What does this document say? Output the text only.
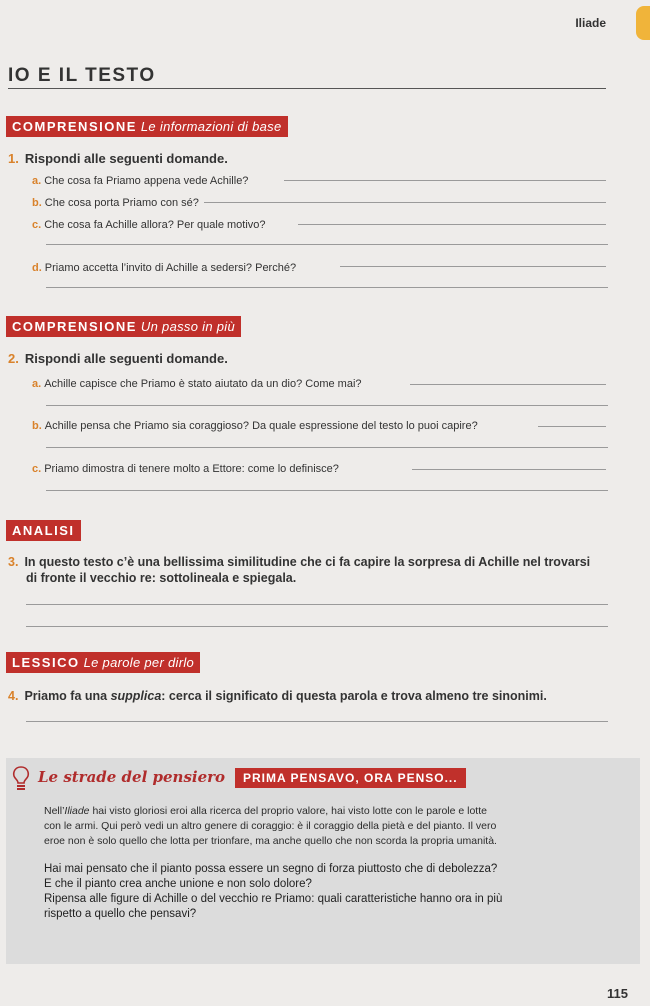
Iliade
IO E IL TESTO
COMPRENSIONE Le informazioni di base
1. Rispondi alle seguenti domande.
a. Che cosa fa Priamo appena vede Achille?
b. Che cosa porta Priamo con sé?
c. Che cosa fa Achille allora? Per quale motivo?
d. Priamo accetta l’invito di Achille a sedersi? Perché?
COMPRENSIONE Un passo in più
2. Rispondi alle seguenti domande.
a. Achille capisce che Priamo è stato aiutato da un dio? Come mai?
b. Achille pensa che Priamo sia coraggioso? Da quale espressione del testo lo puoi capire?
c. Priamo dimostra di tenere molto a Ettore: come lo definisce?
ANALISI
3. In questo testo c’è una bellissima similitudine che ci fa capire la sorpresa di Achille nel trovarsi
di fronte il vecchio re: sottolineala e spiegala.
LESSICO Le parole per dirlo
4. Priamo fa una supplica: cerca il significato di questa parola e trova almeno tre sinonimi.
Le strade del pensiero	PRIMA PENSAVO, ORA PENSO...
Nell’Iliade hai visto gloriosi eroi alla ricerca del proprio valore, hai visto lotte con le parole e lotte
con le armi. Qui però vedi un altro genere di coraggio: è il coraggio della pietà e del pianto. Il vero
eroe non è solo quello che lotta per trionfare, ma anche quello che non scorda la propria umanità.
Hai mai pensato che il pianto possa essere un segno di forza piuttosto che di debolezza?
E che il pianto crea anche unione e non solo dolore?
Ripensa alle figure di Achille o del vecchio re Priamo: quali caratteristiche hanno ora in più
rispetto a quello che pensavi?
115
